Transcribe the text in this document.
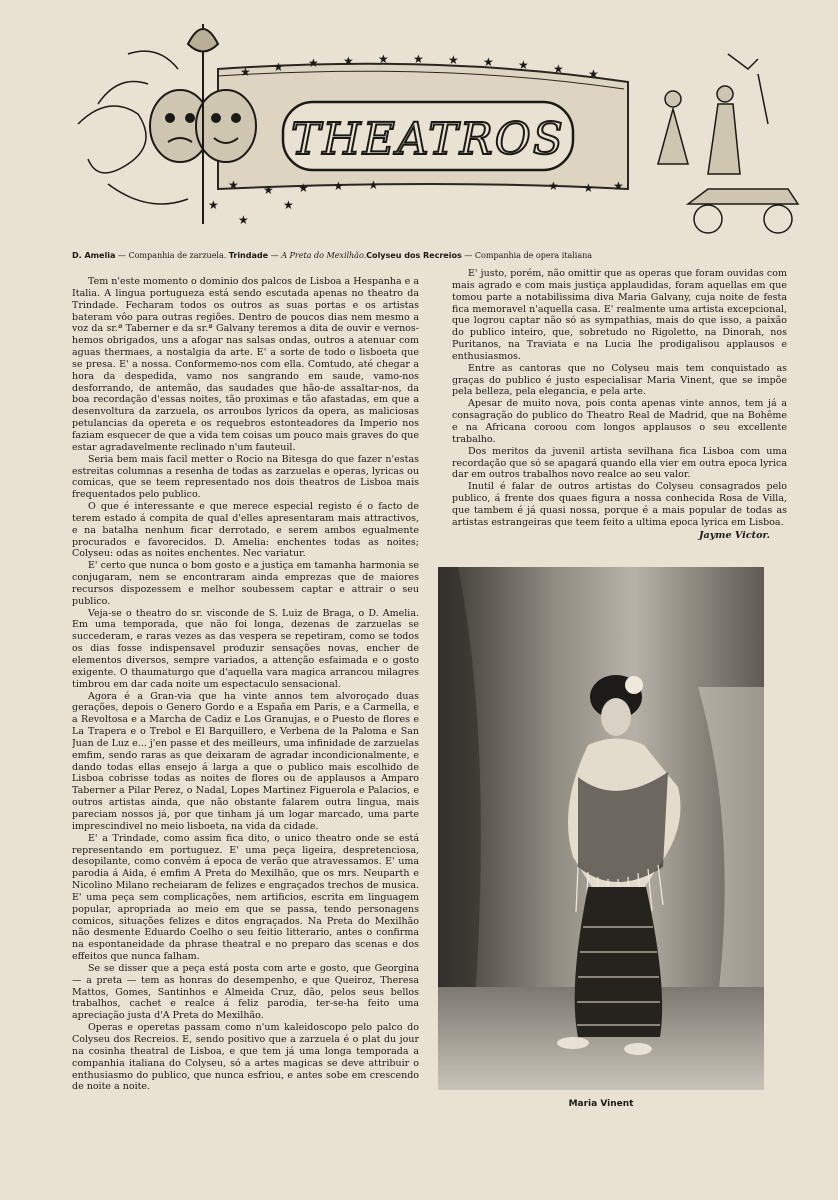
★ ★ ★ ★ ★ ★ ★ ★ ★ ★ ★
★ ★ ★ ★ ★	★ ★ ★
★
★
★
THEATROS
D. Amelia — Companhia de zarzuela. Trindade — A Preta do Mexilhão.Colyseu dos Recreios — Companhia de opera italiana

Tem n'este momento o dominio dos palcos de Lisboa a Hespanha e a Italia. A lingua portugueza está sendo escutada apenas no theatro da Trindade. Fecharam todos os outros as suas portas e os artistas bateram vôo para outras regiões. Dentro de poucos dias nem mesmo a voz da sr.ª Taberner e da sr.ª Galvany teremos a dita de ouvir e vernos-hemos obrigados, uns a afogar nas salsas ondas, outros a atenuar com aguas thermaes, a nostalgia da arte. E' a sorte de todo o lisboeta que se presa. E' a nossa. Conformemo-nos com ella. Comtudo, até chegar a hora da despedida, vamo nos sangrando em saude, vamo-nos desforrando, de antemão, das saudades que hão-de assaltar-nos, da boa recordação d'essas noites, tão proximas e tão afastadas, em que a desenvoltura da zarzuela, os arroubos lyricos da opera, as maliciosas petulancias da opereta e os requebros estonteadores da Imperio nos faziam esquecer de que a vida tem coisas um pouco mais graves do que estar agradavelmente reclinado n'um fauteuil.

Seria bem mais facil metter o Rocio na Bitesga do que fazer n'estas estreitas columnas a resenha de todas as zarzuelas e operas, lyricas ou comicas, que se teem representado nos dois theatros de Lisboa mais frequentados pelo publico.

O que é interessante e que merece especial registo é o facto de terem estado á compita de qual d'elles apresentaram mais attractivos, e na batalha nenhum ficar derrotado, e serem ambos egualmente procurados e favorecidos. D. Amelia: enchentes todas as noites; Colyseu: odas as noites enchentes. Nec variatur.

E' certo que nunca o bom gosto e a justiça em tamanha harmonia se conjugaram, nem se encontraram ainda emprezas que de maiores recursos dispozessem e melhor soubessem captar e attrair o seu publico.

Veja-se o theatro do sr. visconde de S. Luiz de Braga, o D. Amelia. Em uma temporada, que não foi longa, dezenas de zarzuelas se succederam, e raras vezes as das vespera se repetiram, como se todos os dias fosse indispensavel produzir sensações novas, encher de elementos diversos, sempre variados, a attenção esfaimada e o gosto exigente. O thaumaturgo que d'aquella vara magica arrancou milagres timbrou em dar cada noite um espectaculo sensacional.

Agora é a Gran-via que ha vinte annos tem alvoroçado duas gerações, depois o Genero Gordo e a España em Paris, e a Carmella, e a Revoltosa e a Marcha de Cadiz e Los Granujas, e o Puesto de flores e La Trapera e o Trebol e El Barquillero, e Verbena de la Paloma e San Juan de Luz e... j'en passe et des meilleurs, uma infinidade de zarzuelas emfim, sendo raras as que deixaram de agradar incondicionalmente, e dando todas ellas ensejo á larga a que o publico mais escolhido de Lisboa cobrisse todas as noites de flores ou de applausos a Amparo Taberner a Pilar Perez, o Nadal, Lopes Martinez Figuerola e Palacios, e outros artistas ainda, que não obstante falarem outra lingua, mais pareciam nossos já, por que tinham já um logar marcado, uma parte imprescindivel no meio lisboeta, na vida da cidade.

E' a Trindade, como assim fica dito, o unico theatro onde se está representando em portuguez. E' uma peça ligeira, despretenciosa, desopilante, como convém á epoca de verão que atravessamos. E' uma parodia á Aida, é emfim A Preta do Mexilhão, que os mrs. Neuparth e Nicolino Milano recheiaram de felizes e engraçados trechos de musica. E' uma peça sem complicações, nem artificios, escrita em linguagem popular, apropriada ao meio em que se passa, tendo personagens comicos, situações felizes e ditos engraçados. Na Preta do Mexilhão não desmente Eduardo Coelho o seu feitio litterario, antes o confirma na espontaneidade da phrase theatral e no preparo das scenas e dos effeitos que nunca falham.

Se se disser que a peça está posta com arte e gosto, que Georgina — a preta — tem as honras do desempenho, e que Queiroz, Theresa Mattos, Gomes, Santinhos e Almeida Cruz, dão, pelos seus bellos trabalhos, cachet e realce á feliz parodia, ter-se-ha feito uma apreciação justa d'A Preta do Mexilhão.

Operas e operetas passam como n'um kaleidoscopo pelo palco do Colyseu dos Recreios. E, sendo positivo que a zarzuela é o plat du jour na cosinha theatral de Lisboa, e que tem já uma longa temporada a companhia italiana do Colyseu, só a artes magicas se deve attribuir o enthusiasmo do publico, que nunca esfriou, e antes sobe em crescendo de noite a noite.

E' justo, porém, não omittir que as operas que foram ouvidas com mais agrado e com mais justiça applaudidas, foram aquellas em que tomou parte a notabilissima diva Maria Galvany, cuja noite de festa fica memoravel n'aquella casa. E' realmente uma artista excepcional, que logrou captar não só as sympathias, mais do que isso, a paixão do publico inteiro, que, sobretudo no Rigoletto, na Dinorah, nos Puritanos, na Traviata e na Lucia lhe prodigalisou applausos e enthusiasmos.

Entre as cantoras que no Colyseu mais tem conquistado as graças do publico é justo especialisar Maria Vinent, que se impõe pela belleza, pela elegancia, e pela arte.

Apesar de muito nova, pois conta apenas vinte annos, tem já a consagração do publico do Theatro Real de Madrid, que na Bohême e na Africana coroou com longos applausos o seu excellente trabalho.

Dos meritos da juvenil artista sevilhana fica Lisboa com uma recordação que só se apagará quando ella vier em outra epoca lyrica dar em outros trabalhos novo realce ao seu valor.

Inutil é falar de outros artistas do Colyseu consagrados pelo publico, á frente dos quaes figura a nossa conhecida Rosa de Villa, que tambem é já quasi nossa, porque é a mais popular de todas as artistas estrangeiras que teem feito a ultima epoca lyrica em Lisboa.

Jayme Victor.
Maria Vinent
